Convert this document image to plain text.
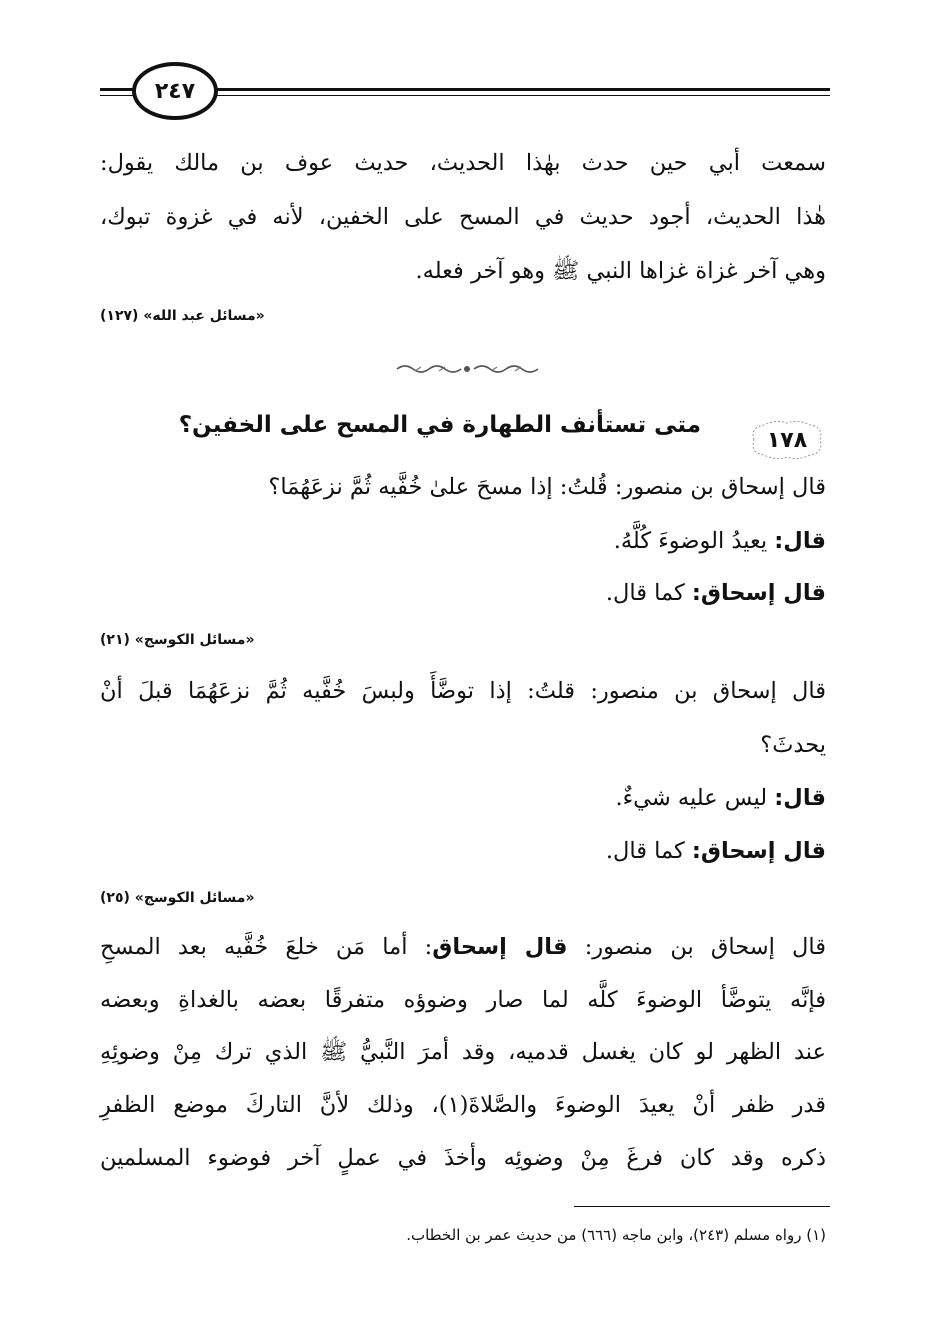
٢٤٧
سمعت أبي حين حدث بهٰذا الحديث، حديث عوف بن مالك يقول:
هٰذا الحديث، أجود حديث في المسح على الخفين، لأنه في غزوة تبوك،
وهي آخر غزاة غزاها النبي ﷺ وهو آخر فعله.
«مسائل عبد الله» (١٢٧)
متى تستأنف الطهارة في المسح على الخفين؟
١٧٨
قال إسحاق بن منصور: قُلتُ: إذا مسحَ علىٰ خُفَّيه ثُمَّ نزعَهُمَا؟
قال: يعيدُ الوضوءَ كُلَّهُ.
قال إسحاق: كما قال.
«مسائل الكوسج» (٢١)
قال إسحاق بن منصور: قلتُ: إذا توضَّأَ ولبسَ خُفَّيه ثُمَّ نزعَهُمَا قبلَ أنْ
يحدثَ؟
قال: ليس عليه شيءٌ.
قال إسحاق: كما قال.
«مسائل الكوسج» (٢٥)
قال إسحاق بن منصور: قال إسحاق: أما مَن خلعَ خُفَّيه بعد المسحِ
فإنَّه يتوضَّأ الوضوءَ كلَّه لما صار وضوؤه متفرقًا بعضه بالغداةِ وبعضه
عند الظهر لو كان يغسل قدميه، وقد أمرَ النَّبيُّ ﷺ الذي ترك مِنْ وضوئِهِ
قدر ظفر أنْ يعيدَ الوضوءَ والصَّلاةَ(١)، وذلك لأنَّ التاركَ موضع الظفرِ
ذكره وقد كان فرغَ مِنْ وضوئِه وأخذَ في عملٍ آخر فوضوء المسلمين
(١) رواه مسلم (٢٤٣)، وابن ماجه (٦٦٦) من حديث عمر بن الخطاب.
